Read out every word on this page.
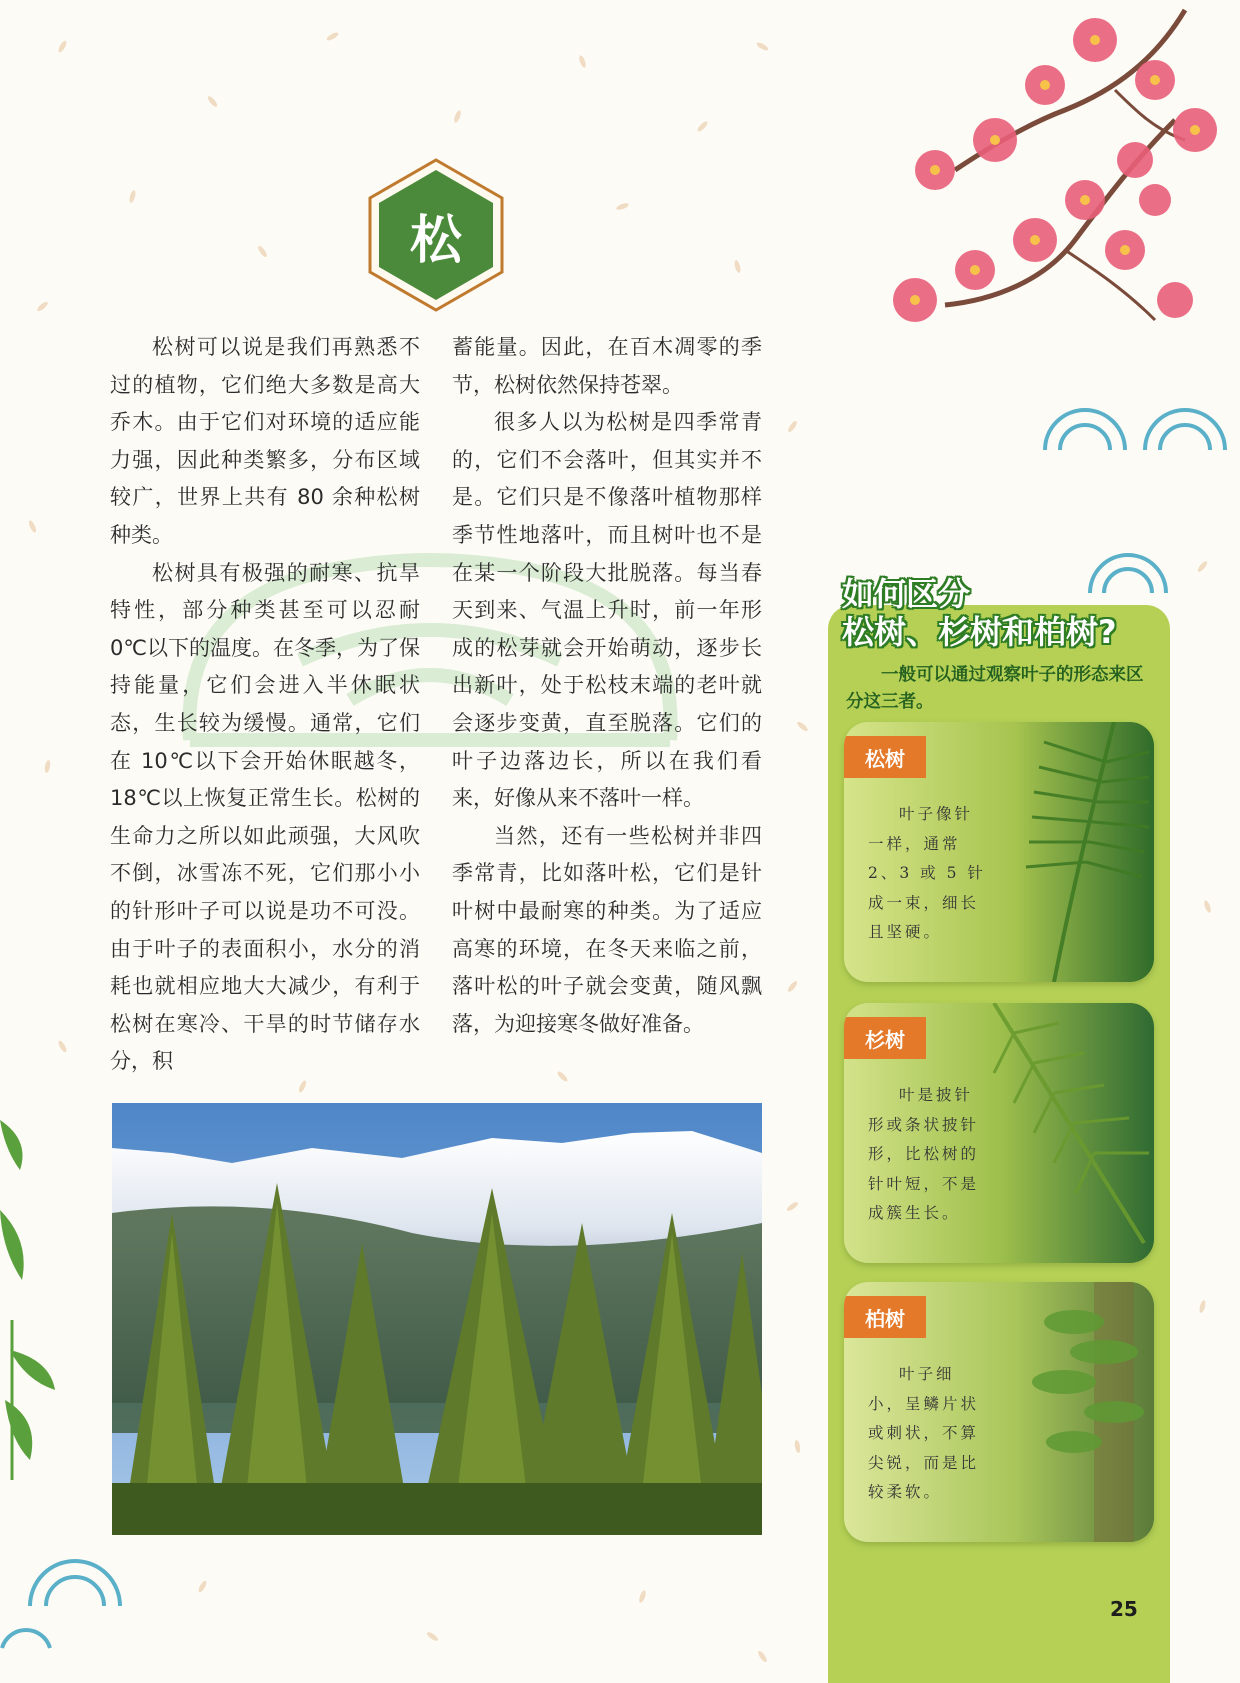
松

松树可以说是我们再熟悉不过的植物，它们绝大多数是高大乔木。由于它们对环境的适应能力强，因此种类繁多，分布区域较广，世界上共有 80 余种松树种类。

松树具有极强的耐寒、抗旱特性，部分种类甚至可以忍耐 0℃以下的温度。在冬季，为了保持能量，它们会进入半休眠状态，生长较为缓慢。通常，它们在 10℃以下会开始休眠越冬，18℃以上恢复正常生长。松树的生命力之所以如此顽强，大风吹不倒，冰雪冻不死，它们那小小的针形叶子可以说是功不可没。由于叶子的表面积小，水分的消耗也就相应地大大减少，有利于松树在寒冷、干旱的时节储存水分，积

蓄能量。因此，在百木凋零的季节，松树依然保持苍翠。

很多人以为松树是四季常青的，它们不会落叶，但其实并不是。它们只是不像落叶植物那样季节性地落叶，而且树叶也不是在某一个阶段大批脱落。每当春天到来、气温上升时，前一年形成的松芽就会开始萌动，逐步长出新叶，处于松枝末端的老叶就会逐步变黄，直至脱落。它们的叶子边落边长，所以在我们看来，好像从来不落叶一样。

当然，还有一些松树并非四季常青，比如落叶松，它们是针叶树中最耐寒的种类。为了适应高寒的环境，在冬天来临之前，落叶松的叶子就会变黄，随风飘落，为迎接寒冬做好准备。

如何区分
松树、杉树和柏树?
一般可以通过观察叶子的形态来区分这三者。
松树
叶子像针一样，通常 2、3 或 5 针成一束，细长且坚硬。
杉树
叶是披针形或条状披针形，比松树的针叶短，不是成簇生长。
柏树
叶子细小，呈鳞片状或刺状，不算尖锐，而是比较柔软。
25
